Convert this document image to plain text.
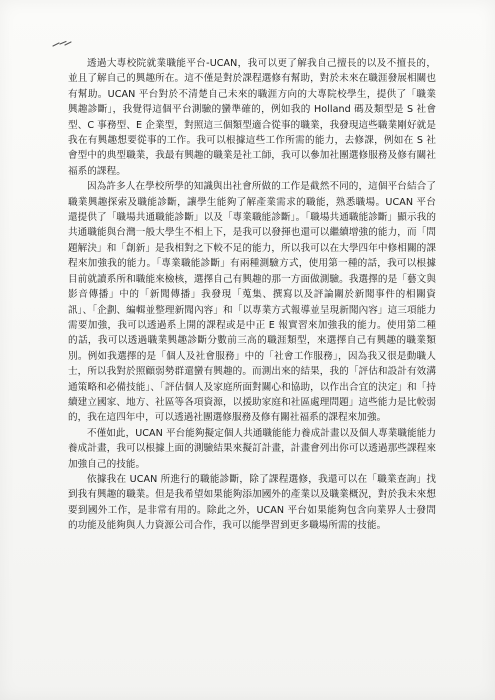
透過大專校院就業職能平台-UCAN，我可以更了解我自己擅長的以及不擅長的，並且了解自己的興趣所在。這不僅是對於課程選修有幫助，對於未來在職涯發展相關也有幫助。UCAN 平台對於不清楚自己未來的職涯方向的大專院校學生，提供了「職業興趣診斷」，我覺得這個平台測驗的蠻準確的，例如我的 Holland 碼及類型是 S 社會型、C 事務型、E 企業型，對照這三個類型適合從事的職業，我發現這些職業剛好就是我在有興趣想要從事的工作。我可以根據這些工作所需的能力，去修課，例如在 S 社會型中的典型職業，我最有興趣的職業是社工師，我可以參加社團選修服務及修有關社福系的課程。

因為許多人在學校所學的知識與出社會所做的工作是截然不同的，這個平台結合了職業興趣探索及職能診斷，讓學生能夠了解產業需求的職能，熟悉職場。UCAN 平台還提供了「職場共通職能診斷」以及「專業職能診斷」。「職場共通職能診斷」顯示我的共通職能與台灣一般大學生不相上下，是我可以發揮也還可以繼續增強的能力，而「問題解決」和「創新」是我相對之下較不足的能力，所以我可以在大學四年中修相關的課程來加強我的能力。「專業職能診斷」有兩種測驗方式，使用第一種的話，我可以根據目前就讀系所和職能來檢核，選擇自己有興趣的那一方面做測驗。我選擇的是「藝文與影音傳播」中的「新聞傳播」我發現「蒐集、撰寫以及評論關於新聞事件的相關資訊」、「企劃、編輯並整理新聞內容」和「以專業方式報導並呈現新聞內容」這三項能力需要加強，我可以透過系上開的課程或是中正 E 報實習來加強我的能力。使用第二種的話，我可以透過職業興趣診斷分數前三高的職涯類型，來選擇自己有興趣的職業類別。例如我選擇的是「個人及社會服務」中的「社會工作服務」，因為我又很是動職人士，所以我對於照顧弱勢群還蠻有興趣的。而測出來的結果，我的「評估和設計有效溝通策略和必備技能」、「評估個人及家庭所面對關心和協助，以作出合宜的決定」和「持續建立國家、地方、社區等各項資源，以援助家庭和社區處理問題」這些能力是比較弱的，我在這四年中，可以透過社團選修服務及修有關社福系的課程來加強。

不僅如此，UCAN 平台能夠擬定個人共通職能能力養成計畫以及個人專業職能能力養成計畫，我可以根據上面的測驗結果來擬訂計畫，計畫會列出你可以透過那些課程來加強自己的技能。

依據我在 UCAN 所進行的職能診斷，除了課程選修，我還可以在「職業查詢」找到我有興趣的職業。但是我希望如果能夠添加國外的產業以及職業概況，對於我未來想要到國外工作，是非常有用的。除此之外，UCAN 平台如果能夠包含向業界人士發問的功能及能夠與人力資源公司合作，我可以能學習到更多職場所需的技能。
